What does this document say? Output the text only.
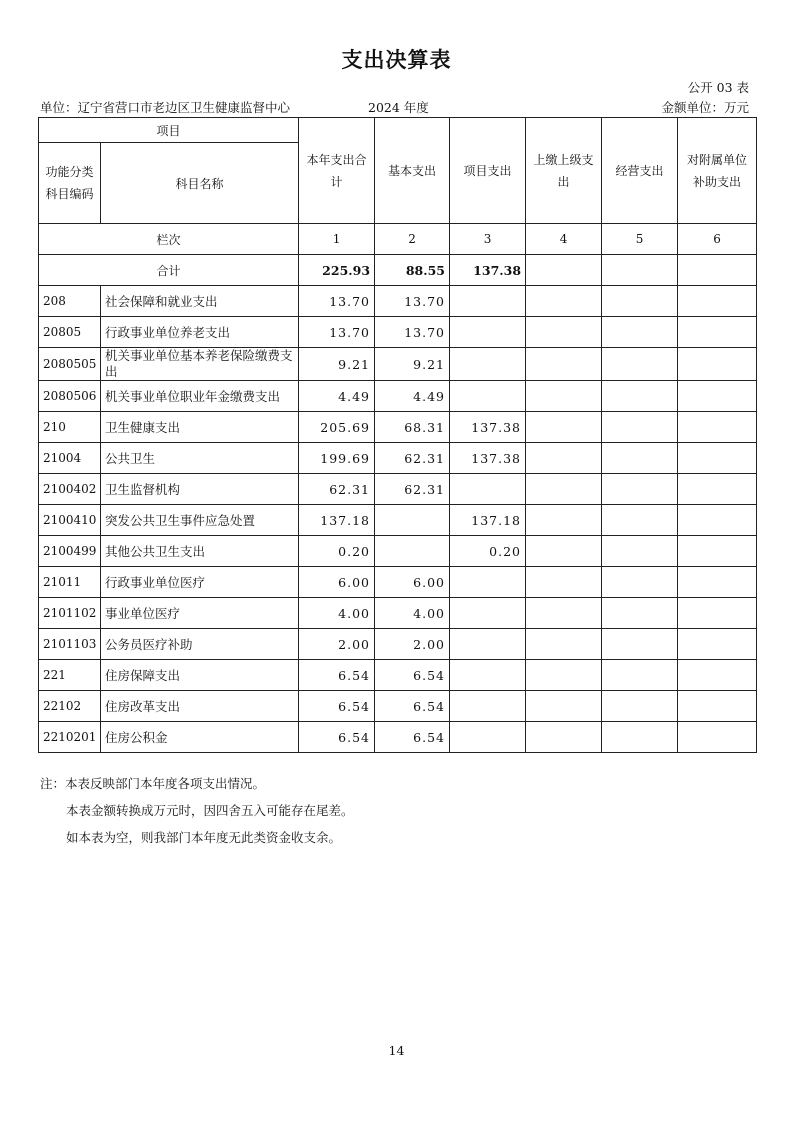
支出决算表
公开 03 表
单位：辽宁省营口市老边区卫生健康监督中心	2024 年度	金额单位：万元
项目		本年支出合计	基本支出	项目支出	上缴上级支出	经营支出	对附属单位补助支出
功能分类科目编码	科目名称						
栏次		1	2	3	4	5	6
合计		225.93	88.55	137.38			
208	社会保障和就业支出	13.70	13.70				
20805	行政事业单位养老支出	13.70	13.70				
2080505	机关事业单位基本养老保险缴费支出	9.21	9.21				
2080506	机关事业单位职业年金缴费支出	4.49	4.49				
210	卫生健康支出	205.69	68.31	137.38			
21004	公共卫生	199.69	62.31	137.38			
2100402	卫生监督机构	62.31	62.31				
2100410	突发公共卫生事件应急处置	137.18		137.18			
2100499	其他公共卫生支出	0.20		0.20			
21011	行政事业单位医疗	6.00	6.00				
2101102	事业单位医疗	4.00	4.00				
2101103	公务员医疗补助	2.00	2.00				
221	住房保障支出	6.54	6.54				
22102	住房改革支出	6.54	6.54				
2210201	住房公积金	6.54	6.54				
注：本表反映部门本年度各项支出情况。
本表金额转换成万元时，因四舍五入可能存在尾差。
如本表为空，则我部门本年度无此类资金收支余。
14
